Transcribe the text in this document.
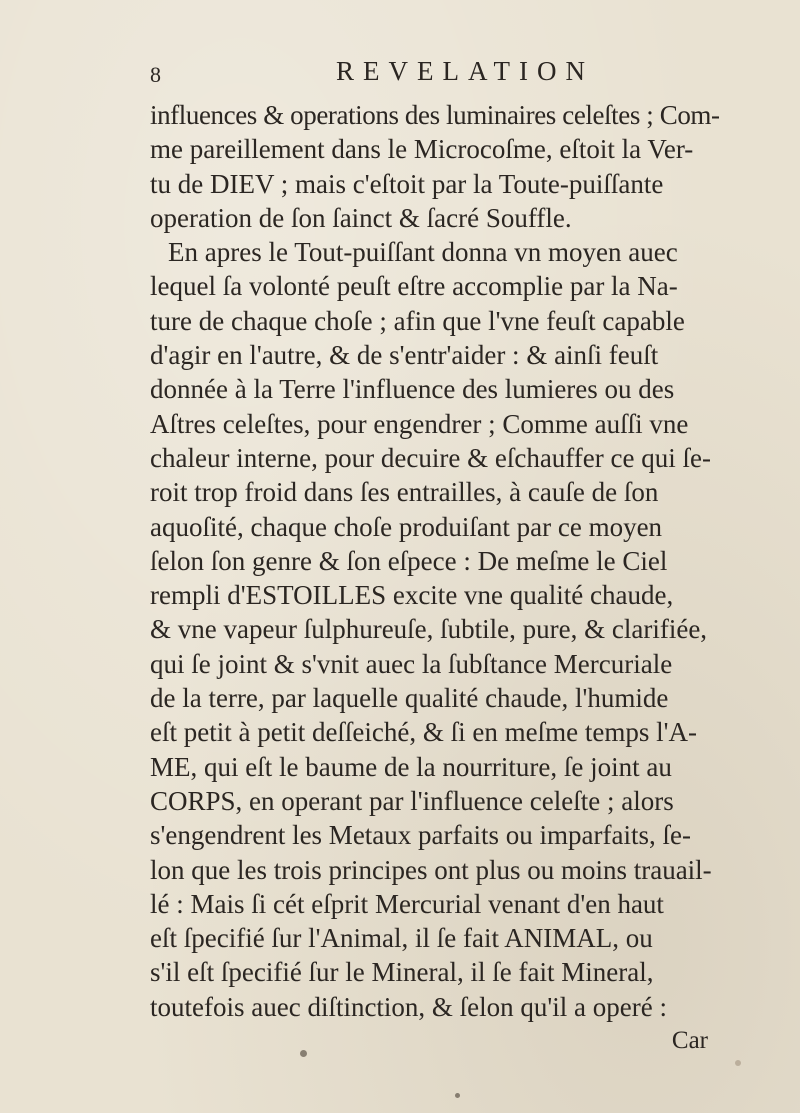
8	REVELATION
influences & operations des luminaires celeſtes ; Com-
me pareillement dans le Microcoſme, eſtoit la Ver-
tu de DIEV ; mais c'eſtoit par la Toute-puiſſante
operation de ſon ſainct & ſacré Souffle.
En apres le Tout-puiſſant donna vn moyen auec
lequel ſa volonté peuſt eſtre accomplie par la Na-
ture de chaque choſe ; afin que l'vne feuſt capable
d'agir en l'autre, & de s'entr'aider : & ainſi feuſt
donnée à la Terre l'influence des lumieres ou des
Aſtres celeſtes, pour engendrer ; Comme auſſi vne
chaleur interne, pour decuire & eſchauffer ce qui ſe-
roit trop froid dans ſes entrailles, à cauſe de ſon
aquoſité, chaque choſe produiſant par ce moyen
ſelon ſon genre & ſon eſpece : De meſme le Ciel
rempli d'ESTOILLES excite vne qualité chaude,
& vne vapeur ſulphureuſe, ſubtile, pure, & clarifiée,
qui ſe joint & s'vnit auec la ſubſtance Mercuriale
de la terre, par laquelle qualité chaude, l'humide
eſt petit à petit deſſeiché, & ſi en meſme temps l'A-
ME, qui eſt le baume de la nourriture, ſe joint au
CORPS, en operant par l'influence celeſte ; alors
s'engendrent les Metaux parfaits ou imparfaits, ſe-
lon que les trois principes ont plus ou moins trauail-
lé : Mais ſi cét eſprit Mercurial venant d'en haut
eſt ſpecifié ſur l'Animal, il ſe fait ANIMAL, ou
s'il eſt ſpecifié ſur le Mineral, il ſe fait Mineral,
toutefois auec diſtinction, & ſelon qu'il a operé :
Car
